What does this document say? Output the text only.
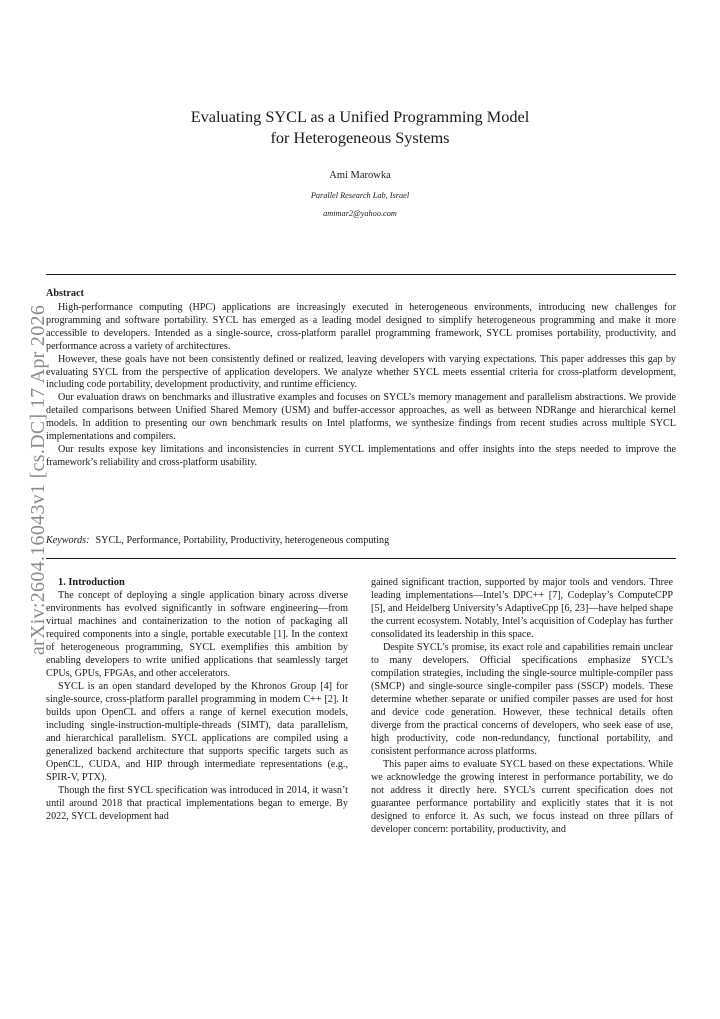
arXiv:2604.16043v1 [cs.DC] 17 Apr 2026
Evaluating SYCL as a Unified Programming Model
for Heterogeneous Systems
Ami Marowka
Parallel Research Lab, Israel
amimar2@yahoo.com
Abstract

High-performance computing (HPC) applications are increasingly executed in heterogeneous environments, introducing new challenges for programming and software portability. SYCL has emerged as a leading model designed to simplify heterogeneous programming and make it more accessible to developers. Intended as a single-source, cross-platform parallel programming framework, SYCL promises portability, productivity, and performance across a variety of architectures.

However, these goals have not been consistently defined or realized, leaving developers with varying expectations. This paper addresses this gap by evaluating SYCL from the perspective of application developers. We analyze whether SYCL meets essential criteria for cross-platform development, including code portability, development productivity, and runtime efficiency.

Our evaluation draws on benchmarks and illustrative examples and focuses on SYCL’s memory management and parallelism abstractions. We provide detailed comparisons between Unified Shared Memory (USM) and buffer-accessor approaches, as well as between NDRange and hierarchical kernel models. In addition to presenting our own benchmark results on Intel platforms, we synthesize findings from recent studies across multiple SYCL implementations and compilers.

Our results expose key limitations and inconsistencies in current SYCL implementations and offer insights into the steps needed to improve the framework’s reliability and cross-platform usability.

Keywords: SYCL, Performance, Portability, Productivity, heterogeneous computing

1. Introduction

The concept of deploying a single application binary across diverse environments has evolved significantly in software engineering—from virtual machines and containerization to the notion of packaging all required components into a single, portable executable [1]. In the context of heterogeneous programming, SYCL exemplifies this ambition by enabling developers to write unified applications that seamlessly target CPUs, GPUs, FPGAs, and other accelerators.

SYCL is an open standard developed by the Khronos Group [4] for single-source, cross-platform parallel programming in modern C++ [2]. It builds upon OpenCL and offers a range of kernel execution models, including single-instruction-multiple-threads (SIMT), data parallelism, and hierarchical parallelism. SYCL applications are compiled using a generalized backend architecture that supports specific targets such as OpenCL, CUDA, and HIP through intermediate representations (e.g., SPIR-V, PTX).

Though the first SYCL specification was introduced in 2014, it wasn’t until around 2018 that practical implementations began to emerge. By 2022, SYCL development had

gained significant traction, supported by major tools and vendors. Three leading implementations—Intel’s DPC++ [7], Codeplay’s ComputeCPP [5], and Heidelberg University’s AdaptiveCpp [6, 23]—have helped shape the current ecosystem. Notably, Intel’s acquisition of Codeplay has further consolidated its leadership in this space.

Despite SYCL’s promise, its exact role and capabilities remain unclear to many developers. Official specifications emphasize SYCL’s compilation strategies, including the single-source multiple-compiler pass (SMCP) and single-source single-compiler pass (SSCP) models. These determine whether separate or unified compiler passes are used for host and device code generation. However, these technical details often diverge from the practical concerns of developers, who seek ease of use, high productivity, code non-redundancy, functional portability, and consistent performance across platforms.

This paper aims to evaluate SYCL based on these expectations. While we acknowledge the growing interest in performance portability, we do not address it directly here. SYCL’s current specification does not guarantee performance portability and explicitly states that it is not designed to enforce it. As such, we focus instead on three pillars of developer concern: portability, productivity, and
